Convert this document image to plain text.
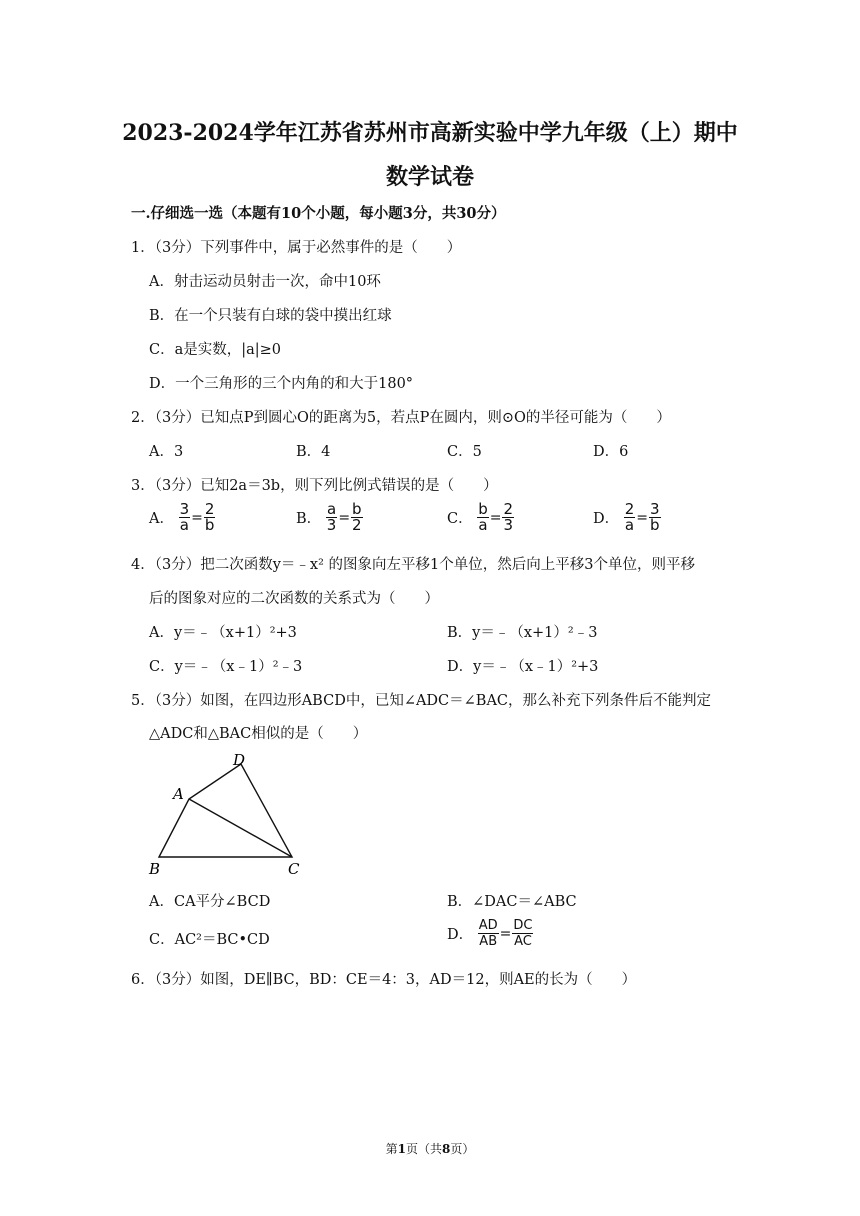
2023-2024学年江苏省苏州市高新实验中学九年级（上）期中
数学试卷
一.仔细选一选（本题有10个小题，每小题3分，共30分）
1．（3分）下列事件中，属于必然事件的是（　　）
A．射击运动员射击一次，命中10环
B．在一个只装有白球的袋中摸出红球
C．a是实数，|a|≥0
D．一个三角形的三个内角的和大于180°
2．（3分）已知点P到圆心O的距离为5，若点P在圆内，则⊙O的半径可能为（　　）
A．3	B．4	C．5	D．6
3．（3分）已知2a＝3b，则下列比例式错误的是（　　）
A． $\frac{3}{a} = \frac{2}{b}$	B． $\frac{a}{3} = \frac{b}{2}$	C． $\frac{b}{a} = \frac{2}{3}$	D． $\frac{2}{a} = \frac{3}{b}$
4．（3分）把二次函数y＝﹣x² 的图象向左平移1个单位，然后向上平移3个单位，则平移
后的图象对应的二次函数的关系式为（　　）
A．y＝﹣（x+1）²+3	B．y＝﹣（x+1）²﹣3
C．y＝﹣（x﹣1）²﹣3	D．y＝﹣（x﹣1）²+3
5．（3分）如图，在四边形ABCD中，已知∠ADC＝∠BAC，那么补充下列条件后不能判定
△ADC和△BAC相似的是（　　）
D
A
B	C
A．CA平分∠BCD	B．∠DAC＝∠ABC
C．AC²＝BC•CD	D． $\frac{AD}{AB} = \frac{DC}{AC}$
6．（3分）如图，DE∥BC，BD：CE＝4：3，AD＝12，则AE的长为（　　）
第1页（共8页）
